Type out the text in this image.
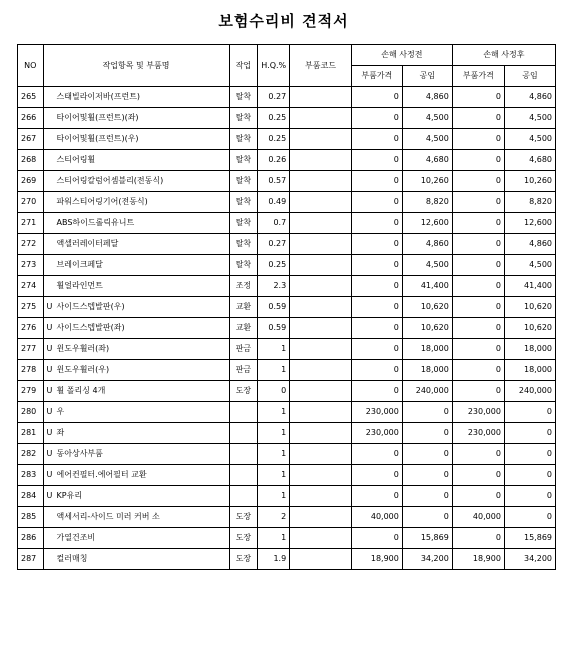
보험수리비 견적서
NO	작업항목 및 부품명	작업	H.Q.%	부품코드	손해 사정전		손해 사정후	
					부품가격	공임	부품가격	공임
265	스태빌라이저바(프런트)	탈착	0.27		0	4,860	0	4,860
266	타이어및휠(프런트)(좌)	탈착	0.25		0	4,500	0	4,500
267	타이어및휠(프런트)(우)	탈착	0.25		0	4,500	0	4,500
268	스티어링휠	탈착	0.26		0	4,680	0	4,680
269	스티어링칼럼어셈블리(전동식)	탈착	0.57		0	10,260	0	10,260
270	파워스티어링기어(전동식)	탈착	0.49		0	8,820	0	8,820
271	ABS하이드롤릭유니트	탈착	0.7		0	12,600	0	12,600
272	액셀러레이터페달	탈착	0.27		0	4,860	0	4,860
273	브레이크페달	탈착	0.25		0	4,500	0	4,500
274	휠얼라인먼트	조정	2.3		0	41,400	0	41,400
275	U 사이드스텝발판(우)	교환	0.59		0	10,620	0	10,620
276	U 사이드스텝발판(좌)	교환	0.59		0	10,620	0	10,620
277	U 윈도우휠러(좌)	판금	1		0	18,000	0	18,000
278	U 윈도우휠러(우)	판금	1		0	18,000	0	18,000
279	U 휠 폴리싱 4개	도장	0		0	240,000	0	240,000
280	U 우		1		230,000	0	230,000	0
281	U 좌		1		230,000	0	230,000	0
282	U 동아상사부품		1		0	0	0	0
283	U 에어컨필터.에어필터 교환		1		0	0	0	0
284	U KP유리		1		0	0	0	0
285	액세서리-사이드 미러 커버 소	도장	2		40,000	0	40,000	0
286	가열건조비	도장	1		0	15,869	0	15,869
287	컬러매칭	도장	1.9		18,900	34,200	18,900	34,200
